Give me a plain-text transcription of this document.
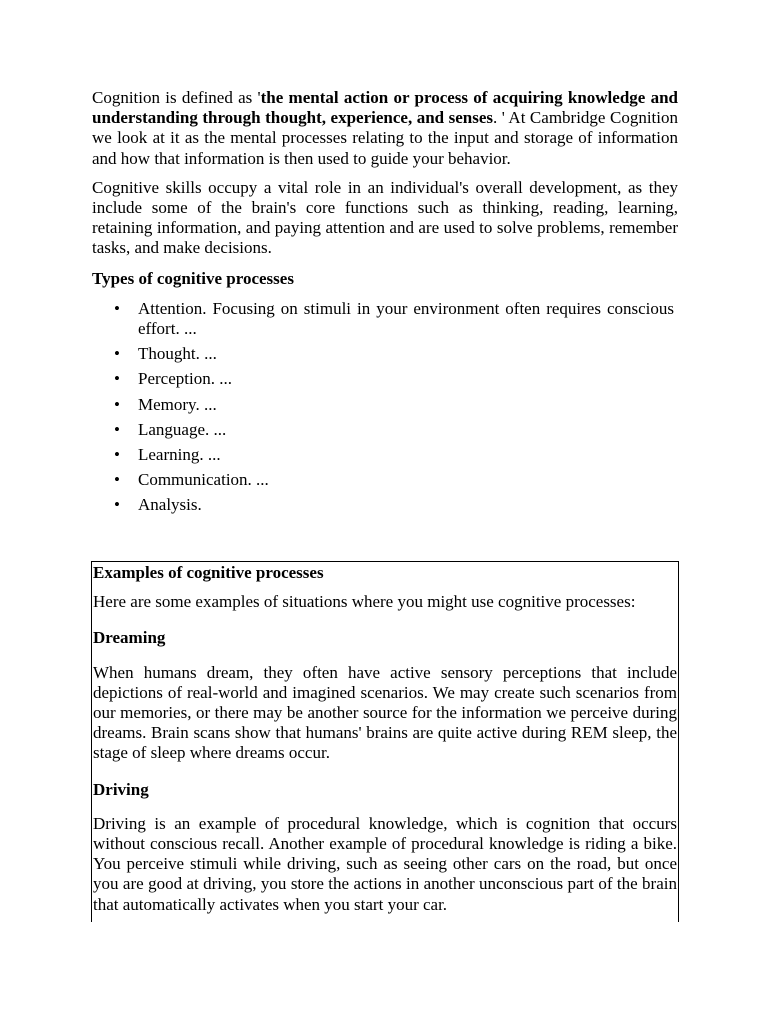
Cognition is defined as 'the mental action or process of acquiring knowledge and understanding through thought, experience, and senses. ' At Cambridge Cognition we look at it as the mental processes relating to the input and storage of information and how that information is then used to guide your behavior.

Cognitive skills occupy a vital role in an individual's overall development, as they include some of the brain's core functions such as thinking, reading, learning, retaining information, and paying attention and are used to solve problems, remember tasks, and make decisions.

Types of cognitive processes

• Attention. Focusing on stimuli in your environment often requires conscious effort. ...
• Thought. ...
• Perception. ...
• Memory. ...
• Language. ...
• Learning. ...
• Communication. ...
• Analysis.

Examples of cognitive processes

Here are some examples of situations where you might use cognitive processes:

Dreaming

When humans dream, they often have active sensory perceptions that include depictions of real-world and imagined scenarios. We may create such scenarios from our memories, or there may be another source for the information we perceive during dreams. Brain scans show that humans' brains are quite active during REM sleep, the stage of sleep where dreams occur.

Driving

Driving is an example of procedural knowledge, which is cognition that occurs without conscious recall. Another example of procedural knowledge is riding a bike. You perceive stimuli while driving, such as seeing other cars on the road, but once you are good at driving, you store the actions in another unconscious part of the brain that automatically activates when you start your car.
